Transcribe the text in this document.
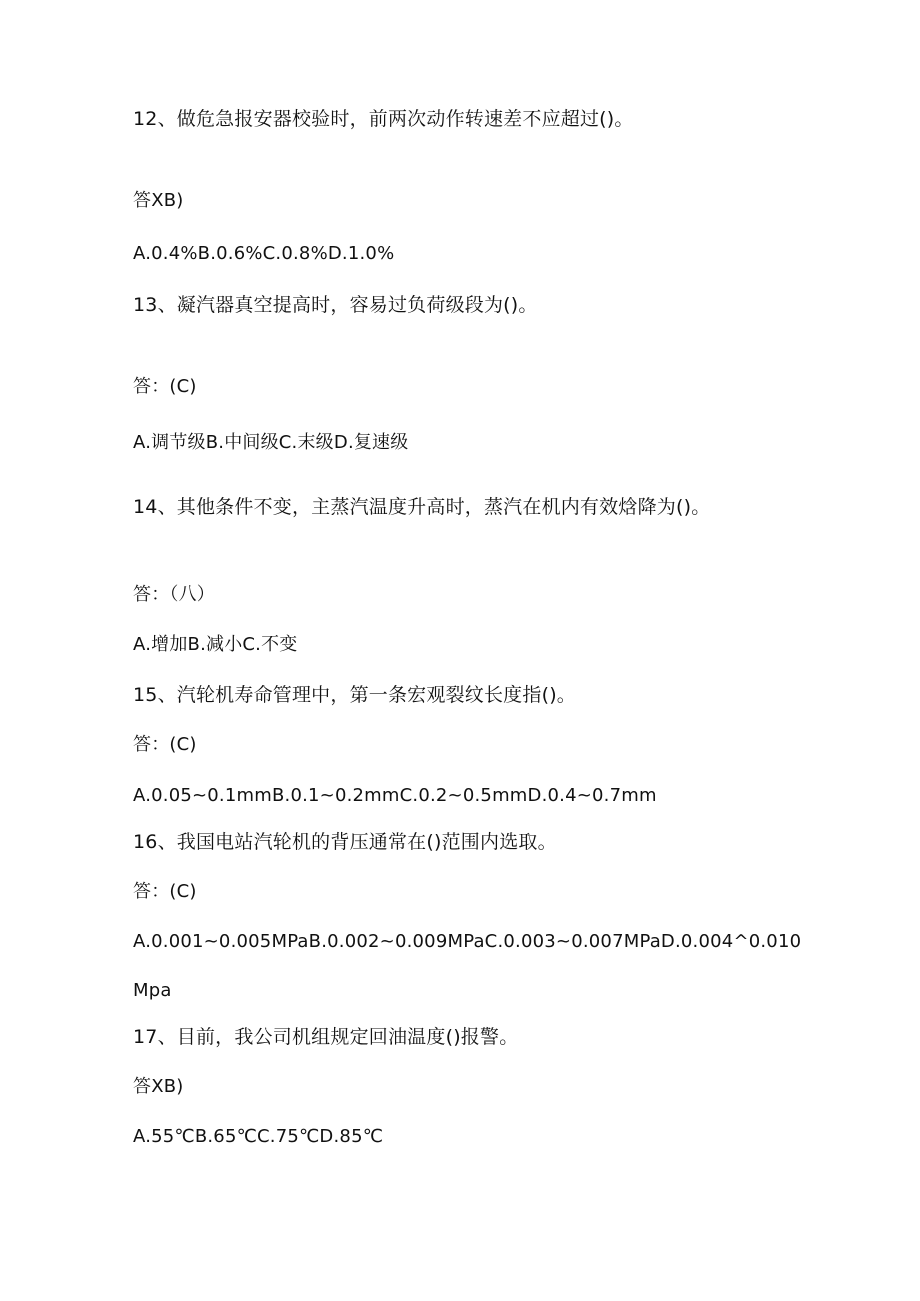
12、做危急报安器校验时，前两次动作转速差不应超过()。
答XB)
A.0.4%B.0.6%C.0.8%D.1.0%
13、凝汽器真空提高时，容易过负荷级段为()。
答：(C)
A.调节级B.中间级C.末级D.复速级
14、其他条件不变，主蒸汽温度升高时，蒸汽在机内有效焓降为()。
答：（八）
A.增加B.减小C.不变
15、汽轮机寿命管理中，第一条宏观裂纹长度指()。
答：(C)
A.0.05~0.1mmB.0.1~0.2mmC.0.2~0.5mmD.0.4~0.7mm
16、我国电站汽轮机的背压通常在()范围内选取。
答：(C)
A.0.001~0.005MPaB.0.002~0.009MPaC.0.003~0.007MPaD.0.004^0.010
Mpa
17、目前，我公司机组规定回油温度()报警。
答XB)
A.55℃B.65℃C.75℃D.85℃
